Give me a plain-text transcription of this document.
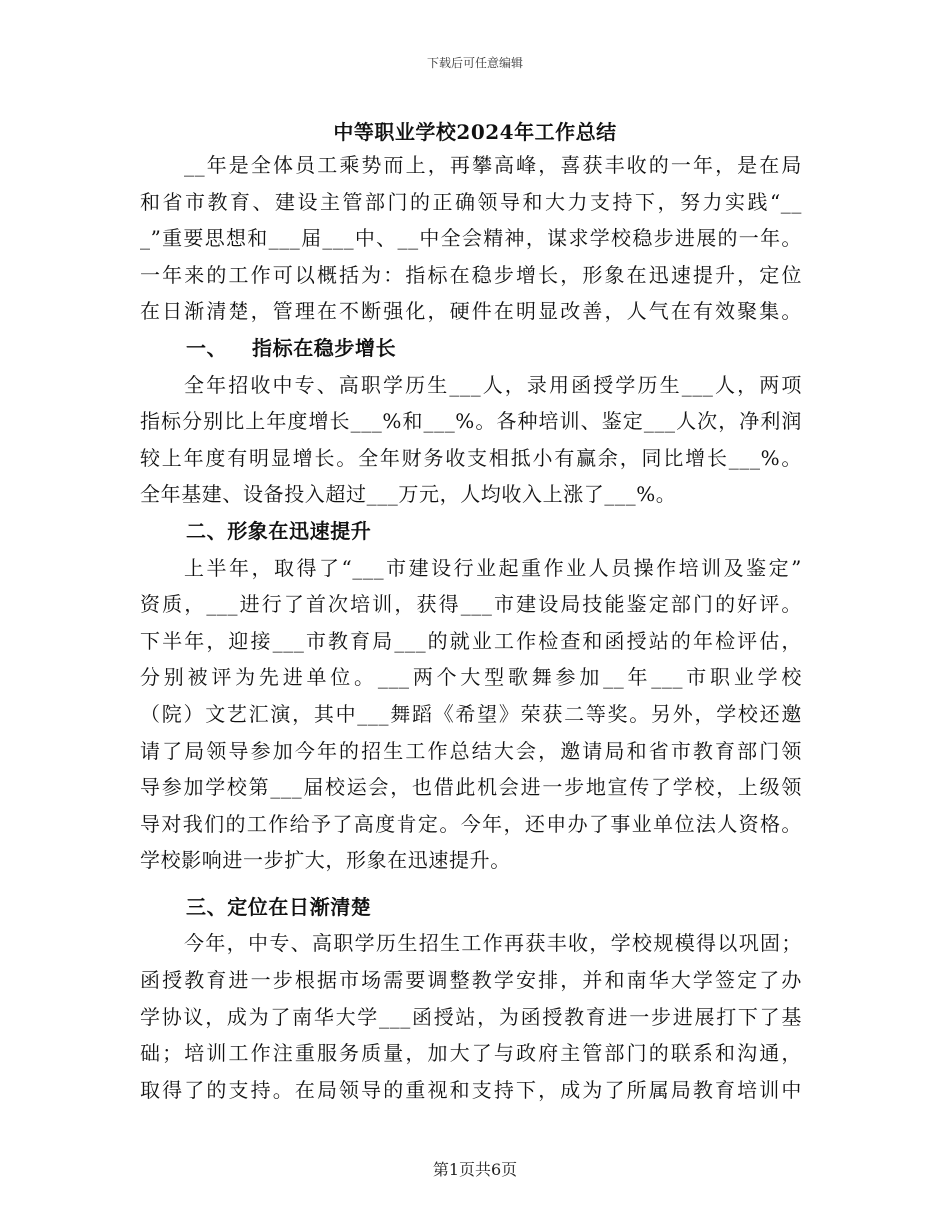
下载后可任意编辑
中等职业学校2024年工作总结
__年是全体员工乘势而上，再攀高峰，喜获丰收的一年，是在局
和省市教育、建设主管部门的正确领导和大力支持下，努力实践“__
_”重要思想和___届___中、__中全会精神，谋求学校稳步进展的一年。
一年来的工作可以概括为：指标在稳步增长，形象在迅速提升，定位
在日渐清楚，管理在不断强化，硬件在明显改善，人气在有效聚集。
一、 指标在稳步增长
全年招收中专、高职学历生___人，录用函授学历生___人，两项
指标分别比上年度增长___%和___%。各种培训、鉴定___人次，净利润
较上年度有明显增长。全年财务收支相抵小有赢余，同比增长___%。
全年基建、设备投入超过___万元，人均收入上涨了___%。
二、形象在迅速提升
上半年，取得了“___市建设行业起重作业人员操作培训及鉴定”
资质，___进行了首次培训，获得___市建设局技能鉴定部门的好评。
下半年，迎接___市教育局___的就业工作检查和函授站的年检评估，
分别被评为先进单位。___两个大型歌舞参加__年___市职业学校
（院）文艺汇演，其中___舞蹈《希望》荣获二等奖。另外，学校还邀
请了局领导参加今年的招生工作总结大会，邀请局和省市教育部门领
导参加学校第___届校运会，也借此机会进一步地宣传了学校，上级领
导对我们的工作给予了高度肯定。今年，还申办了事业单位法人资格。
学校影响进一步扩大，形象在迅速提升。
三、定位在日渐清楚
今年，中专、高职学历生招生工作再获丰收，学校规模得以巩固；
函授教育进一步根据市场需要调整教学安排，并和南华大学签定了办
学协议，成为了南华大学___函授站，为函授教育进一步进展打下了基
础；培训工作注重服务质量，加大了与政府主管部门的联系和沟通，
取得了的支持。在局领导的重视和支持下，成为了所属局教育培训中
第1页共6页
